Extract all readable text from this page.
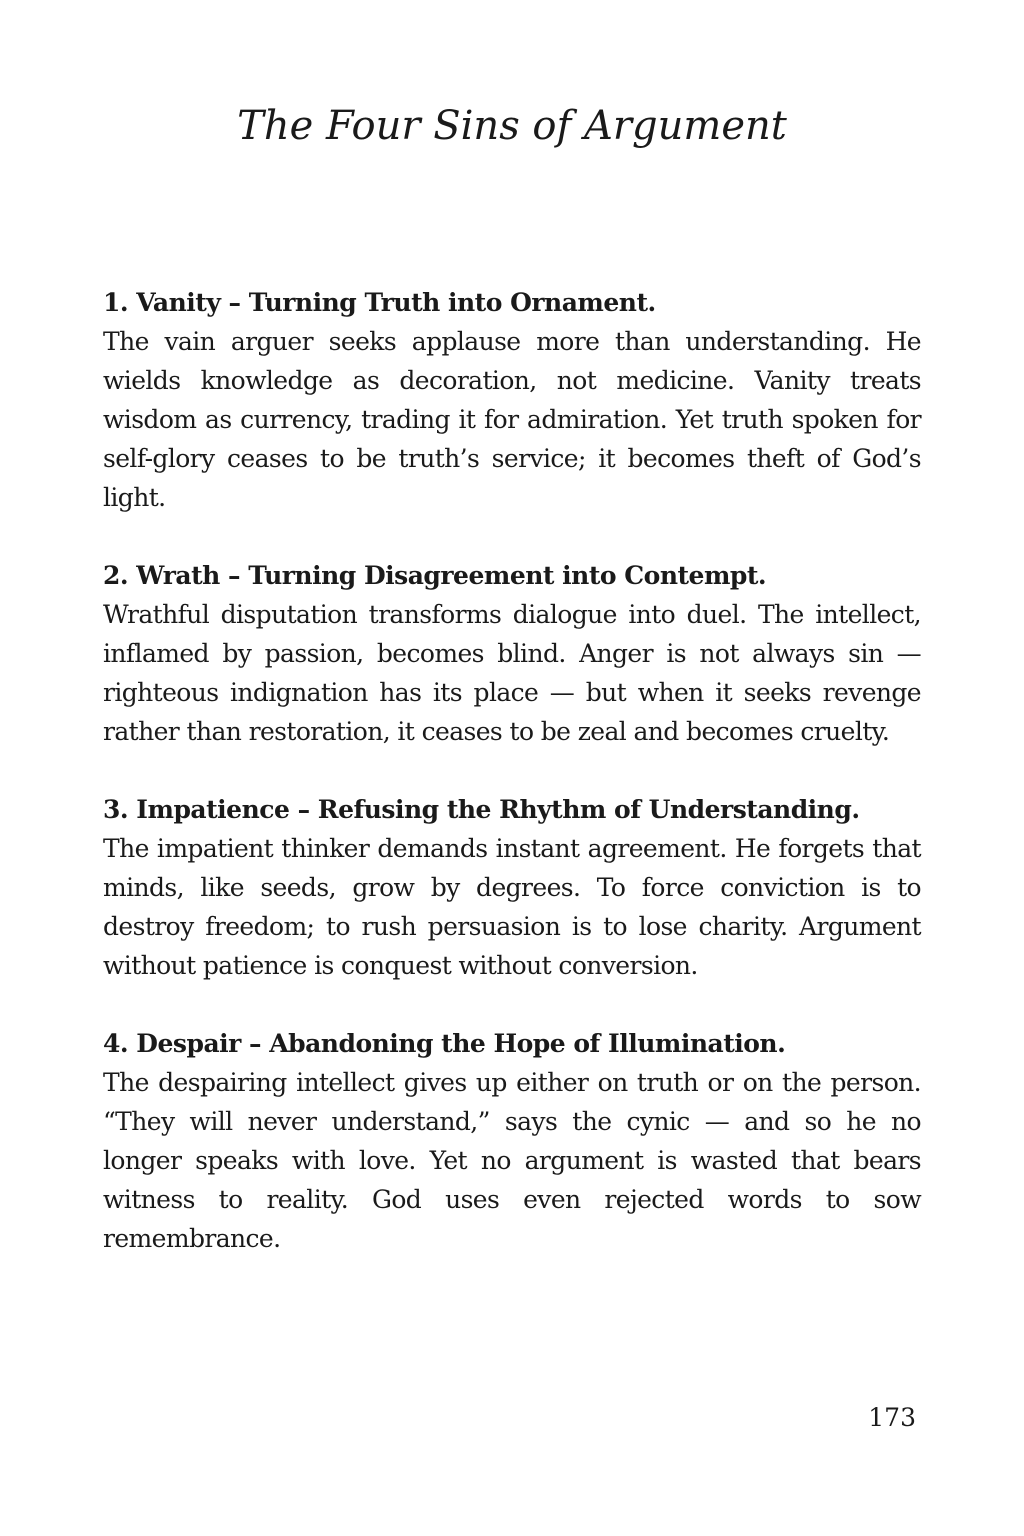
The Four Sins of Argument

1. Vanity – Turning Truth into Ornament.

The vain arguer seeks applause more than understanding. He wields knowledge as decoration, not medicine. Vanity treats wisdom as currency, trading it for admiration. Yet truth spoken for self-glory ceases to be truth’s service; it becomes theft of God’s light.

2. Wrath – Turning Disagreement into Contempt.

Wrathful disputation transforms dialogue into duel. The intellect, inflamed by passion, becomes blind. Anger is not always sin — righteous indignation has its place — but when it seeks revenge rather than restoration, it ceases to be zeal and becomes cruelty.

3. Impatience – Refusing the Rhythm of Understanding.

The impatient thinker demands instant agreement. He forgets that minds, like seeds, grow by degrees. To force conviction is to destroy freedom; to rush persuasion is to lose charity. Argument without patience is conquest without conversion.

4. Despair – Abandoning the Hope of Illumination.

The despairing intellect gives up either on truth or on the person. “They will never understand,” says the cynic — and so he no longer speaks with love. Yet no argument is wasted that bears witness to reality. God uses even rejected words to sow remembrance.

173
